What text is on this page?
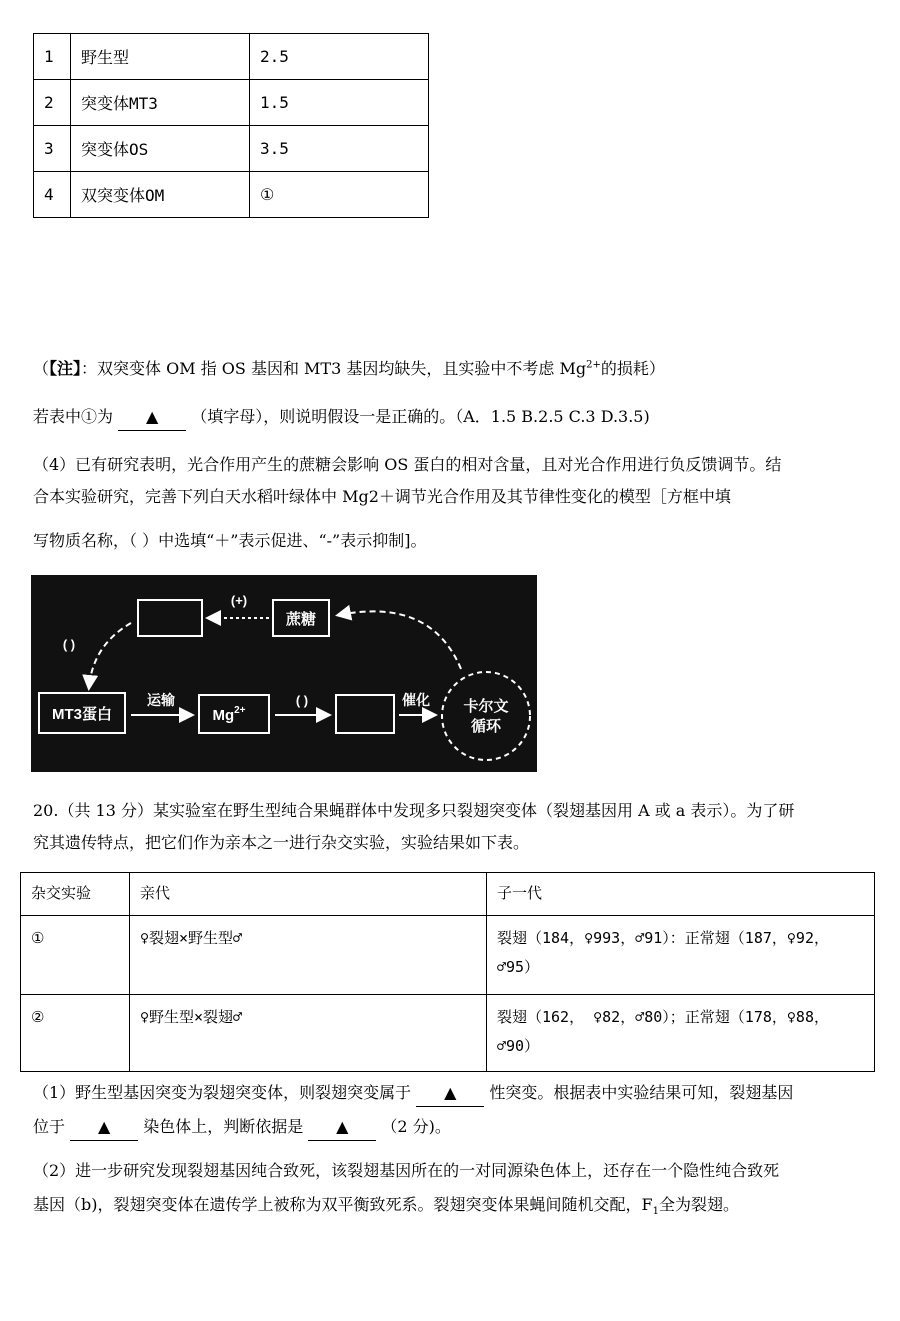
1	野生型	2.5
2	突变体MT3	1.5
3	突变体OS	3.5
4	双突变体OM	①
（【注】：双突变体 OM 指 OS 基因和 MT3 基因均缺失，且实验中不考虑 $Mg^{2+}$的损耗）
若表中①为 ▲ （填字母），则说明假设一是正确的。（A．1.5 B.2.5 C.3 D.3.5)
（4）已有研究表明，光合作用产生的蔗糖会影响 OS 蛋白的相对含量，且对光合作用进行负反馈调节。结
合本实验研究，完善下列白天水稻叶绿体中 Mg2＋调节光合作用及其节律性变化的模型［方框中填
写物质名称，（ ）中选填“＋”表示促进、“-”表示抑制]。
蔗糖
(+)
( )
MT3蛋白
运输
$Mg^{2+}$
( )	催化 卡尔文
循环
20.（共 13 分）某实验室在野生型纯合果蝇群体中发现多只裂翅突变体（裂翅基因用 A 或 a 表示）。为了研
究其遗传特点，把它们作为亲本之一进行杂交实验，实验结果如下表。
杂交实验	亲代	子一代
①	♀裂翅×野生型♂	裂翅（184，♀993，♂91）：正常翅（187，♀92，
♂95）

②	♀野生型×裂翅♂	裂翅（162， ♀82，♂80）；正常翅（178，♀88，
♂90）
（1）野生型基因突变为裂翅突变体，则裂翅突变属于 ▲ 性突变。根据表中实验结果可知，裂翅基因
位于 ▲ 染色体上，判断依据是 ▲ （2 分)。
（2）进一步研究发现裂翅基因纯合致死，该裂翅基因所在的一对同源染色体上，还存在一个隐性纯合致死
基因（b)，裂翅突变体在遗传学上被称为双平衡致死系。裂翅突变体果蝇间随机交配，$F_1$全为裂翅。
